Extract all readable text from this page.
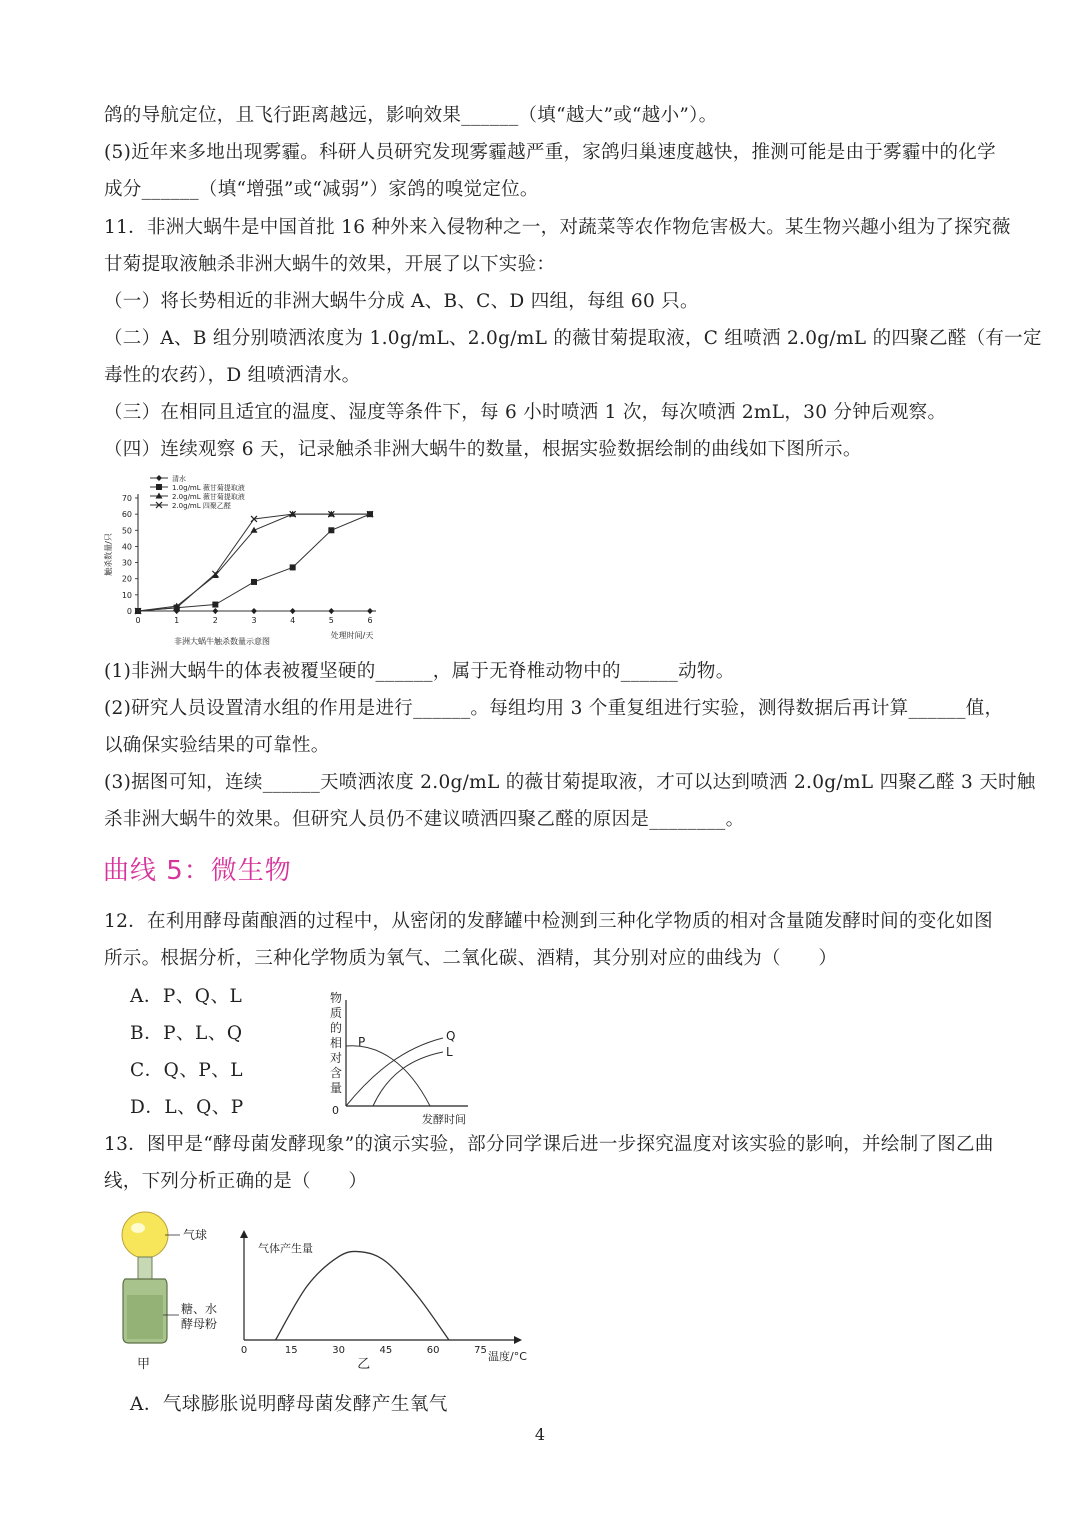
鸽的导航定位，且飞行距离越远，影响效果______（填“越大”或“越小”）。
(5)近年来多地出现雾霾。科研人员研究发现雾霾越严重，家鸽归巢速度越快，推测可能是由于雾霾中的化学
成分______（填“增强”或“减弱”）家鸽的嗅觉定位。
11．非洲大蜗牛是中国首批 16 种外来入侵物种之一，对蔬菜等农作物危害极大。某生物兴趣小组为了探究薇
甘菊提取液触杀非洲大蜗牛的效果，开展了以下实验：
（一）将长势相近的非洲大蜗牛分成 A、B、C、D 四组，每组 60 只。
（二）A、B 组分别喷洒浓度为 1.0g/mL、2.0g/mL 的薇甘菊提取液，C 组喷洒 2.0g/mL 的四聚乙醛（有一定
毒性的农药），D 组喷洒清水。
（三）在相同且适宜的温度、湿度等条件下，每 6 小时喷洒 1 次，每次喷洒 2mL，30 分钟后观察。
（四）连续观察 6 天，记录触杀非洲大蜗牛的数量，根据实验数据绘制的曲线如下图所示。
0
10
20
30
40
50
60
70
0	1	2	3	4	5	6
触杀数量/只
非洲大蜗牛触杀数量示意图
处理时间/天
清水
1.0g/mL 薇甘菊提取液
2.0g/mL 薇甘菊提取液
2.0g/mL 四聚乙醛
(1)非洲大蜗牛的体表被覆坚硬的______，属于无脊椎动物中的______动物。
(2)研究人员设置清水组的作用是进行______。每组均用 3 个重复组进行实验，测得数据后再计算______值，
以确保实验结果的可靠性。
(3)据图可知，连续______天喷洒浓度 2.0g/mL 的薇甘菊提取液，才可以达到喷洒 2.0g/mL 四聚乙醛 3 天时触
杀非洲大蜗牛的效果。但研究人员仍不建议喷洒四聚乙醛的原因是________。
曲线 5：微生物
12．在利用酵母菌酿酒的过程中，从密闭的发酵罐中检测到三种化学物质的相对含量随发酵时间的变化如图
所示。根据分析，三种化学物质为氧气、二氧化碳、酒精，其分别对应的曲线为（　　）
A．P、Q、L
B．P、L、Q
C．Q、P、L
D．L、Q、P
物
质
的
相
对
含
量
0
发酵时间
P	Q
L
13．图甲是“酵母菌发酵现象”的演示实验，部分同学课后进一步探究温度对该实验的影响，并绘制了图乙曲
线，下列分析正确的是（　　）
气球
糖、水
酵母粉
甲
气体产生量
温度/°C
乙
0	15	30	45	60	75
A．气球膨胀说明酵母菌发酵产生氧气
4
